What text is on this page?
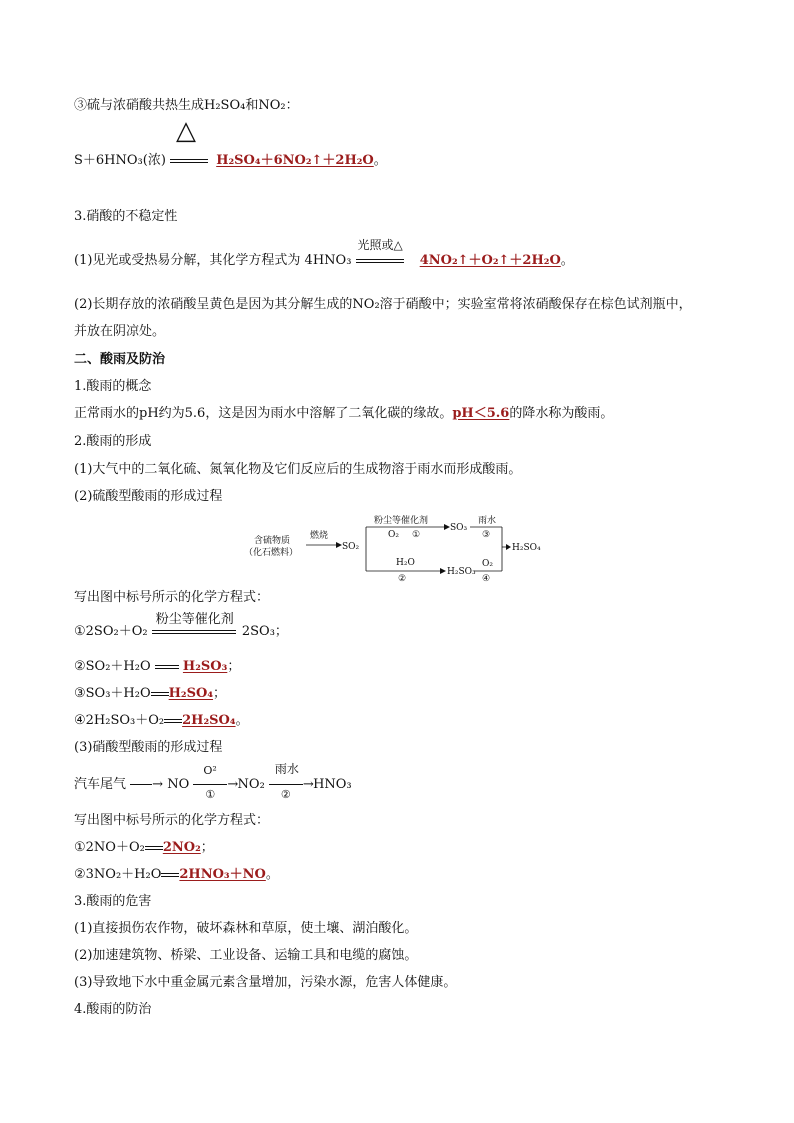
③硫与浓硝酸共热生成H₂SO₄和NO₂：
S＋6HNO₃(浓)
△
H₂SO₄＋6NO₂↑＋2H₂O。
3.硝酸的不稳定性
(1)见光或受热易分解，其化学方程式为 4HNO₃
光照或△
4NO₂↑＋O₂↑＋2H₂O。
(2)长期存放的浓硝酸呈黄色是因为其分解生成的NO₂溶于硝酸中；实验室常将浓硝酸保存在棕色试剂瓶中，
并放在阴凉处。
二、酸雨及防治
1.酸雨的概念
正常雨水的pH约为5.6，这是因为雨水中溶解了二氧化碳的缘故。pH＜5.6的降水称为酸雨。
2.酸雨的形成
(1)大气中的二氧化硫、氮氧化物及它们反应后的生成物溶于雨水而形成酸雨。
(2)硫酸型酸雨的形成过程
含硫物质
（化石燃料）
燃烧
SO₂
粉尘等催化剂
O₂ ①
SO₃
雨水
③
H₂SO₄
H₂O
②
H₂SO₃
O₂
④
写出图中标号所示的化学方程式：
①2SO₂＋O₂
粉尘等催化剂
2SO₃；
②SO₂＋H₂O H₂SO₃；
③SO₃＋H₂O H₂SO₄；
④2H₂SO₃＋O₂ 2H₂SO₄。
(3)硝酸型酸雨的形成过程
汽车尾气 → NO
O²
→
①
NO₂
雨水
→
②
HNO₃
写出图中标号所示的化学方程式：
①2NO＋O₂ 2NO₂；
②3NO₂＋H₂O 2HNO₃＋NO。
3.酸雨的危害
(1)直接损伤农作物，破坏森林和草原，使土壤、湖泊酸化。
(2)加速建筑物、桥梁、工业设备、运输工具和电缆的腐蚀。
(3)导致地下水中重金属元素含量增加，污染水源，危害人体健康。
4.酸雨的防治
